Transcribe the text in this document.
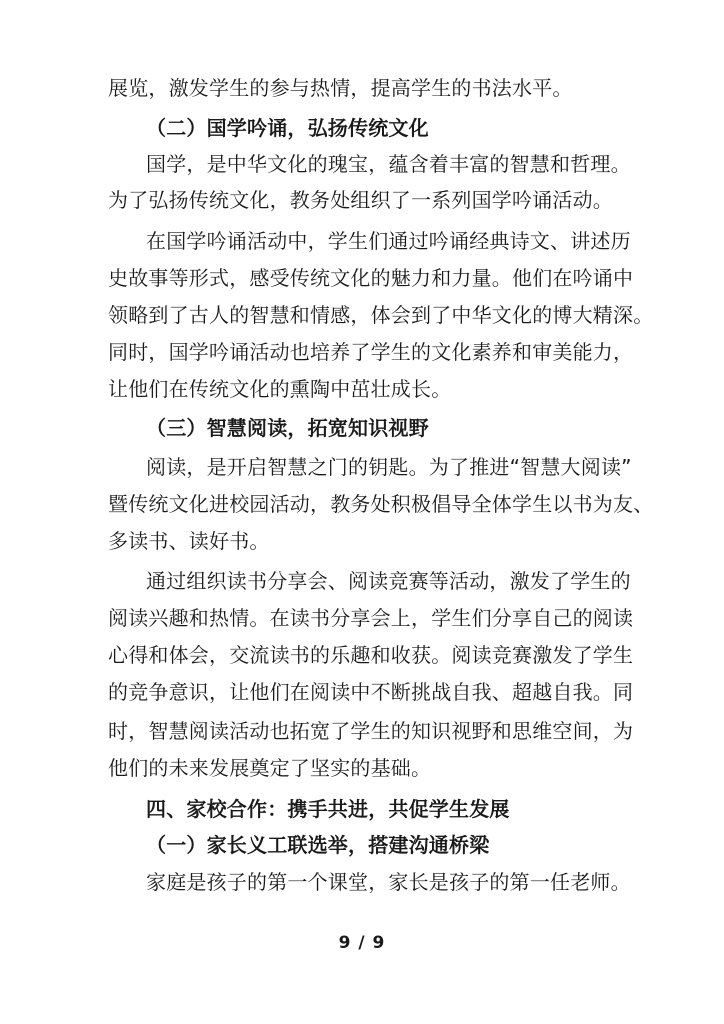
展览，激发学生的参与热情，提高学生的书法水平。
（二）国学吟诵，弘扬传统文化
国学，是中华文化的瑰宝，蕴含着丰富的智慧和哲理。
为了弘扬传统文化，教务处组织了一系列国学吟诵活动。
在国学吟诵活动中，学生们通过吟诵经典诗文、讲述历
史故事等形式，感受传统文化的魅力和力量。他们在吟诵中
领略到了古人的智慧和情感，体会到了中华文化的博大精深。
同时，国学吟诵活动也培养了学生的文化素养和审美能力，
让他们在传统文化的熏陶中茁壮成长。
（三）智慧阅读，拓宽知识视野
阅读，是开启智慧之门的钥匙。为了推进“智慧大阅读”
暨传统文化进校园活动，教务处积极倡导全体学生以书为友、
多读书、读好书。
通过组织读书分享会、阅读竞赛等活动，激发了学生的
阅读兴趣和热情。在读书分享会上，学生们分享自己的阅读
心得和体会，交流读书的乐趣和收获。阅读竞赛激发了学生
的竞争意识，让他们在阅读中不断挑战自我、超越自我。同
时，智慧阅读活动也拓宽了学生的知识视野和思维空间，为
他们的未来发展奠定了坚实的基础。
四、家校合作：携手共进，共促学生发展
（一）家长义工联选举，搭建沟通桥梁
家庭是孩子的第一个课堂，家长是孩子的第一任老师。
9 / 9
